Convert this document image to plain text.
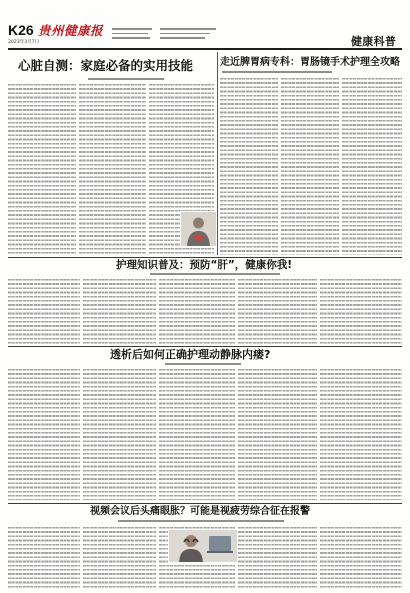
K26 贵州健康报
2023年3月7日	健康科普
心脏自测：家庭必备的实用技能	走近脾胃病专科：胃肠镜手术护理全攻略
护理知识普及：预防“肝”，健康你我!
透析后如何正确护理动静脉内瘘?
视频会议后头痛眼胀？可能是视疲劳综合征在报警
